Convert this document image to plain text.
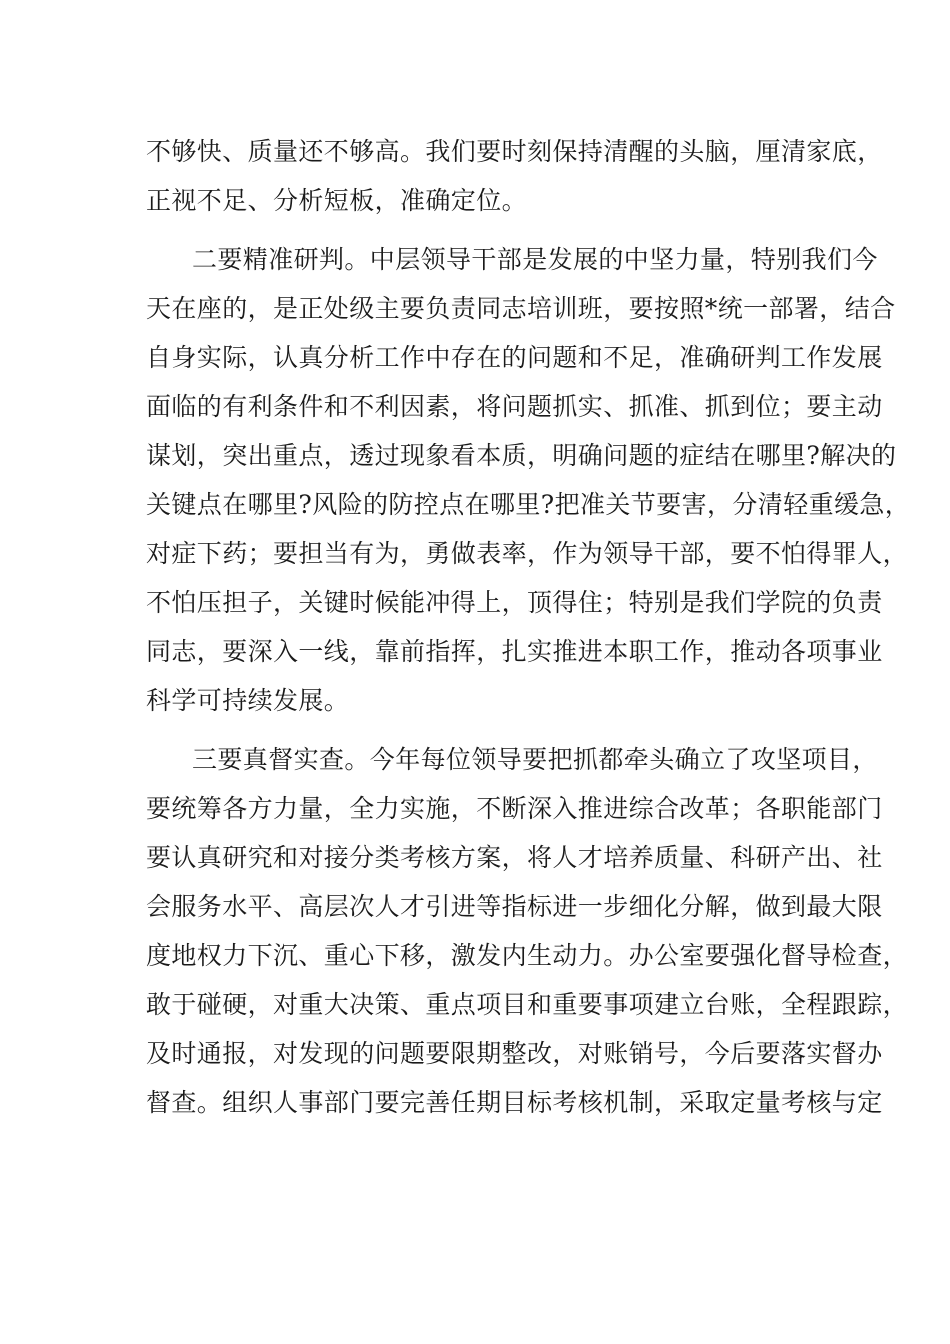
不够快、质量还不够高。我们要时刻保持清醒的头脑，厘清家底，

正视不足、分析短板，准确定位。

二要精准研判。中层领导干部是发展的中坚力量，特别我们今

天在座的，是正处级主要负责同志培训班，要按照*统一部署，结合

自身实际，认真分析工作中存在的问题和不足，准确研判工作发展

面临的有利条件和不利因素，将问题抓实、抓准、抓到位；要主动

谋划，突出重点，透过现象看本质，明确问题的症结在哪里?解决的

关键点在哪里?风险的防控点在哪里?把准关节要害，分清轻重缓急，

对症下药；要担当有为，勇做表率，作为领导干部，要不怕得罪人，

不怕压担子，关键时候能冲得上，顶得住；特别是我们学院的负责

同志，要深入一线，靠前指挥，扎实推进本职工作，推动各项事业

科学可持续发展。

三要真督实查。今年每位领导要把抓都牵头确立了攻坚项目，

要统筹各方力量，全力实施，不断深入推进综合改革；各职能部门

要认真研究和对接分类考核方案，将人才培养质量、科研产出、社

会服务水平、高层次人才引进等指标进一步细化分解，做到最大限

度地权力下沉、重心下移，激发内生动力。办公室要强化督导检查，

敢于碰硬，对重大决策、重点项目和重要事项建立台账，全程跟踪，

及时通报，对发现的问题要限期整改，对账销号，今后要落实督办

督查。组织人事部门要完善任期目标考核机制，采取定量考核与定
